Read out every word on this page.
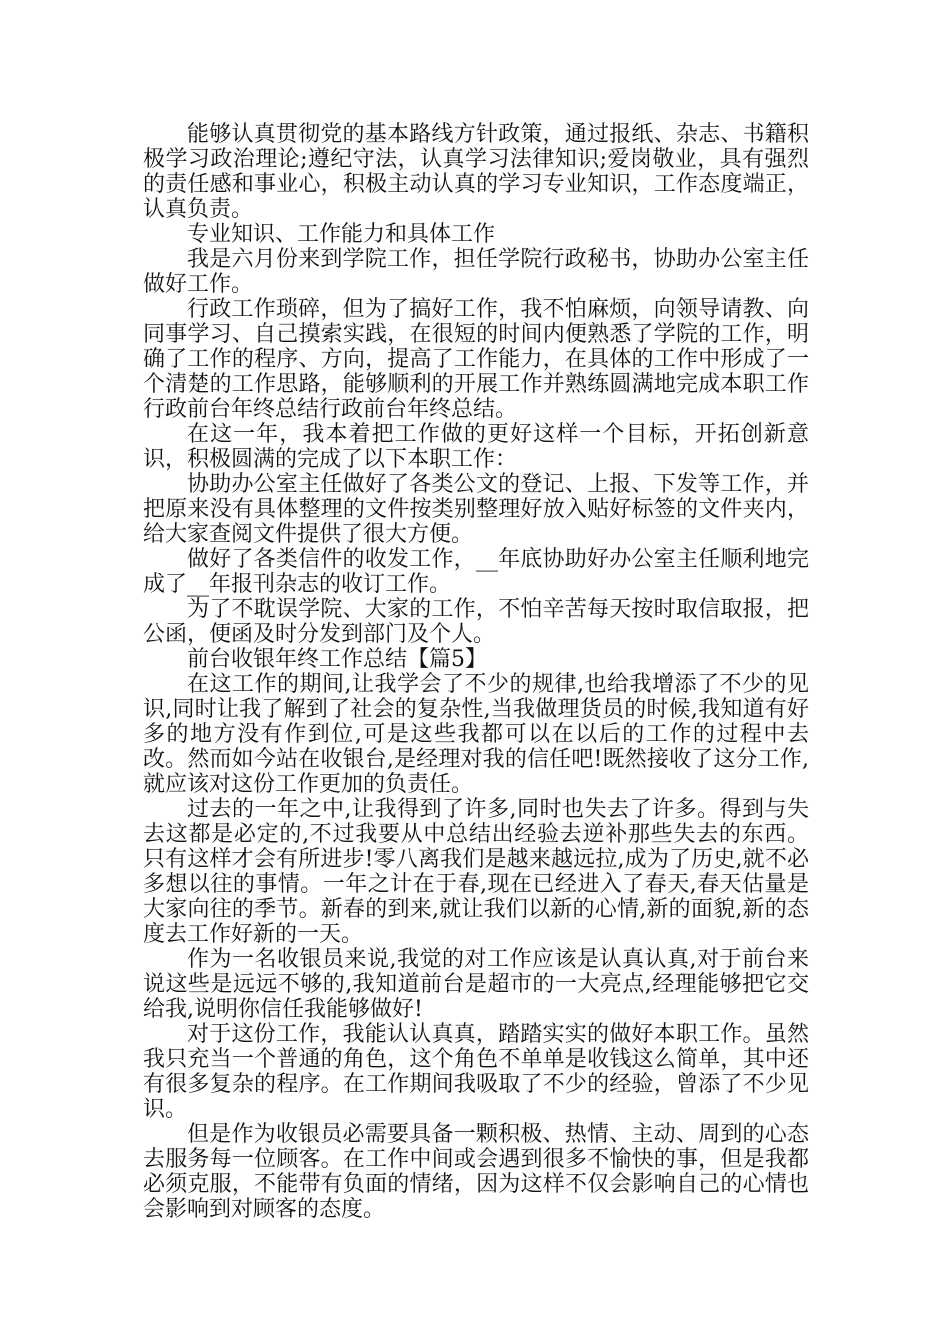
能够认真贯彻党的基本路线方针政策，通过报纸、杂志、书籍积极学习政治理论;遵纪守法，认真学习法律知识;爱岗敬业，具有强烈的责任感和事业心，积极主动认真的学习专业知识，工作态度端正，认真负责。

专业知识、工作能力和具体工作

我是六月份来到学院工作，担任学院行政秘书，协助办公室主任做好工作。

行政工作琐碎，但为了搞好工作，我不怕麻烦，向领导请教、向同事学习、自己摸索实践，在很短的时间内便熟悉了学院的工作，明确了工作的程序、方向，提高了工作能力，在具体的工作中形成了一个清楚的工作思路，能够顺利的开展工作并熟练圆满地完成本职工作行政前台年终总结行政前台年终总结。

在这一年，我本着把工作做的更好这样一个目标，开拓创新意识，积极圆满的完成了以下本职工作：

协助办公室主任做好了各类公文的登记、上报、下发等工作，并把原来没有具体整理的文件按类别整理好放入贴好标签的文件夹内，给大家查阅文件提供了很大方便。

做好了各类信件的收发工作，__年底协助好办公室主任顺利地完成了__年报刊杂志的收订工作。

为了不耽误学院、大家的工作，不怕辛苦每天按时取信取报，把公函，便函及时分发到部门及个人。

前台收银年终工作总结【篇5】

在这工作的期间,让我学会了不少的规律,也给我增添了不少的见识,同时让我了解到了社会的复杂性,当我做理货员的时候,我知道有好多的地方没有作到位,可是这些我都可以在以后的工作的过程中去改。然而如今站在收银台,是经理对我的信任吧!既然接收了这分工作,就应该对这份工作更加的负责任。

过去的一年之中,让我得到了许多,同时也失去了许多。得到与失去这都是必定的,不过我要从中总结出经验去逆补那些失去的东西。只有这样才会有所进步!零八离我们是越来越远拉,成为了历史,就不必多想以往的事情。一年之计在于春,现在已经进入了春天,春天估量是大家向往的季节。新春的到来,就让我们以新的心情,新的面貌,新的态度去工作好新的一天。

作为一名收银员来说,我觉的对工作应该是认真认真,对于前台来说这些是远远不够的,我知道前台是超市的一大亮点,经理能够把它交给我,说明你信任我能够做好!

对于这份工作，我能认认真真，踏踏实实的做好本职工作。虽然我只充当一个普通的角色，这个角色不单单是收钱这么简单，其中还有很多复杂的程序。在工作期间我吸取了不少的经验，曾添了不少见识。

但是作为收银员必需要具备一颗积极、热情、主动、周到的心态去服务每一位顾客。在工作中间或会遇到很多不愉快的事，但是我都必须克服，不能带有负面的情绪，因为这样不仅会影响自己的心情也会影响到对顾客的态度。
